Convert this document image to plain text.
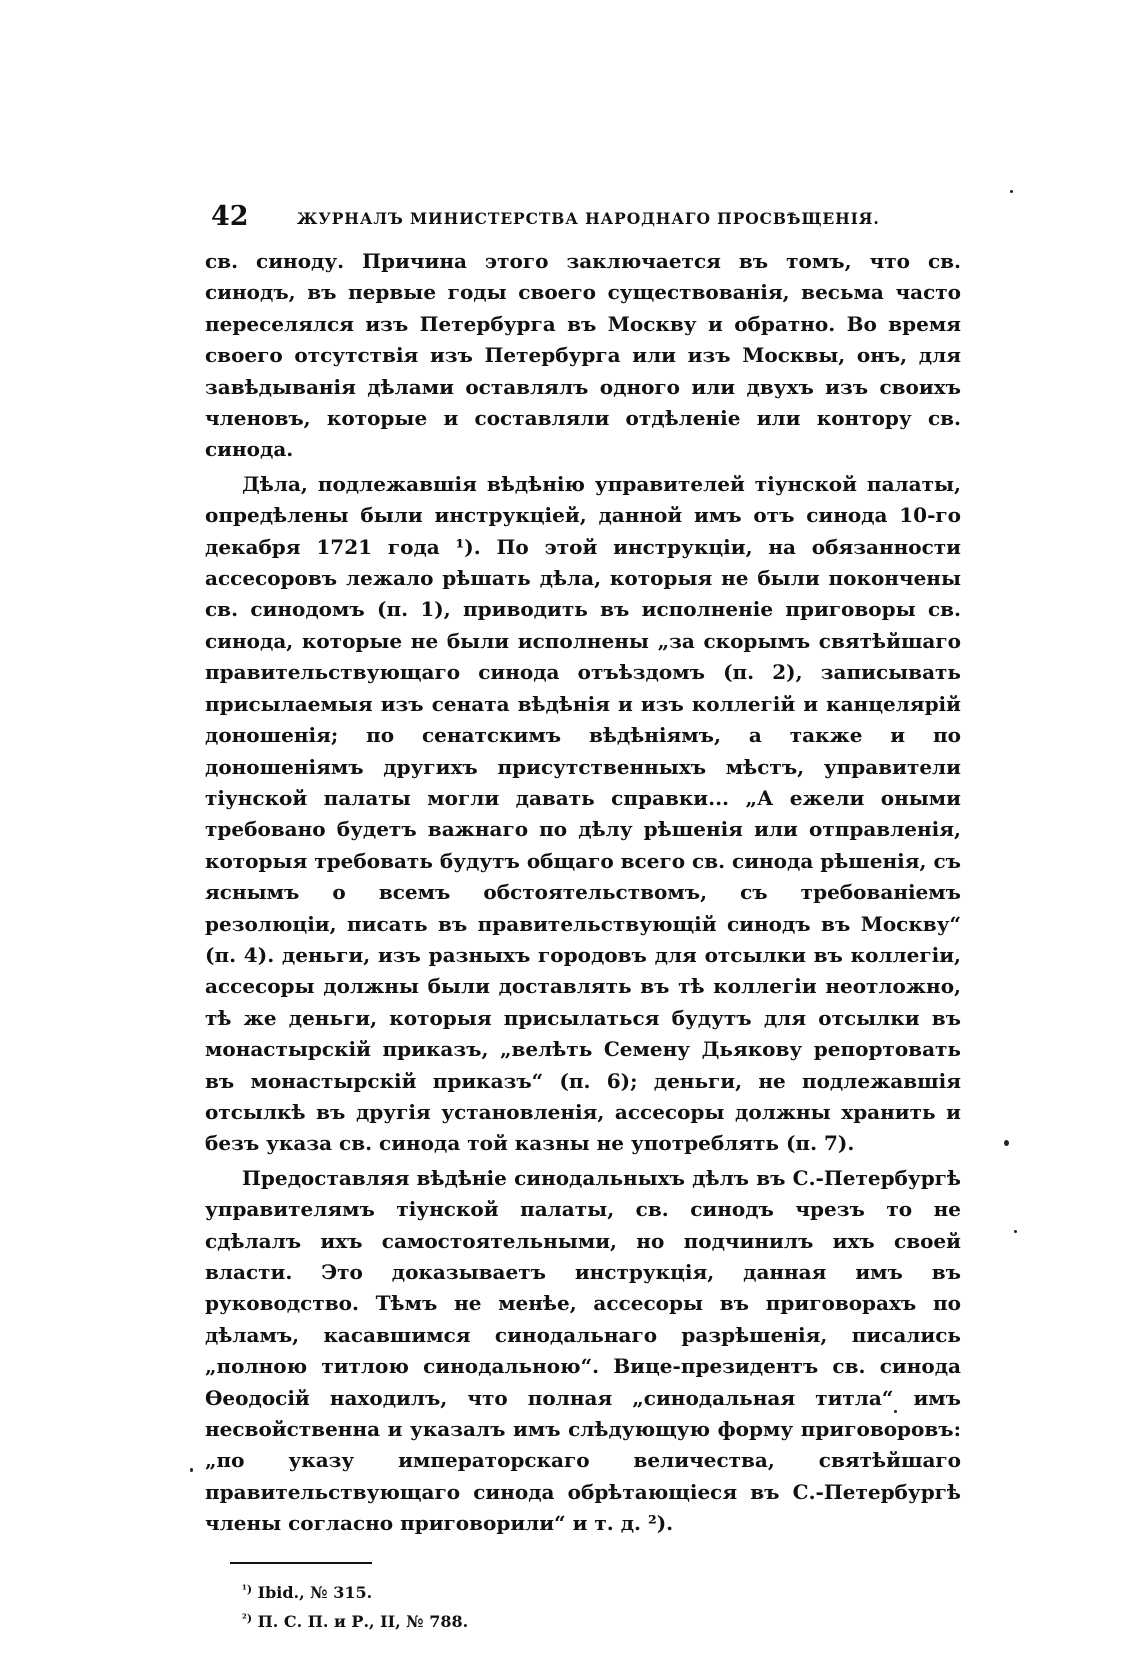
42	ЖУРНАЛЪ МИНИСТЕРСТВА НАРОДНАГО ПРОСВѢЩЕНІЯ.

св. синоду. Причина этого заключается въ томъ, что св. синодъ, въ первые годы своего существованія, весьма часто переселялся изъ Петербурга въ Москву и обратно. Во время своего отсутствія изъ Петербурга или изъ Москвы, онъ, для завѣдыванія дѣлами оставлялъ одного или двухъ изъ своихъ членовъ, которые и составляли отдѣленіе или контору св. синода.

Дѣла, подлежавшія вѣдѣнію управителей тіунской палаты, опредѣлены были инструкціей, данной имъ отъ синода 10-го декабря 1721 года ¹). По этой инструкціи, на обязанности ассесоровъ лежало рѣшать дѣла, которыя не были покончены св. синодомъ (п. 1), приводить въ исполненіе приговоры св. синода, которые не были исполнены „за скорымъ святѣйшаго правительствующаго синода отъѣздомъ (п. 2), записывать присылаемыя изъ сената вѣдѣнія и изъ коллегій и канцелярій доношенія; по сенатскимъ вѣдѣніямъ, а также и по доношеніямъ другихъ присутственныхъ мѣстъ, управители тіунской палаты могли давать справки... „А ежели оными требовано будетъ важнаго по дѣлу рѣшенія или отправленія, которыя требовать будутъ общаго всего св. синода рѣшенія, съ яснымъ о всемъ обстоятельствомъ, съ требованіемъ резолюціи, писать въ правительствующій синодъ въ Москву“ (п. 4). деньги, изъ разныхъ городовъ для отсылки въ коллегіи, ассесоры должны были доставлять въ тѣ коллегіи неотложно, тѣ же деньги, которыя присылаться будутъ для отсылки въ монастырскій приказъ, „велѣть Семену Дьякову репортовать въ монастырскій приказъ“ (п. 6); деньги, не подлежавшія отсылкѣ въ другія установленія, ассесоры должны хранить и безъ указа св. синода той казны не употреблять (п. 7).

Предоставляя вѣдѣніе синодальныхъ дѣлъ въ С.-Петербургѣ управителямъ тіунской палаты, св. синодъ чрезъ то не сдѣлалъ ихъ самостоятельными, но подчинилъ ихъ своей власти. Это доказываетъ инструкція, данная имъ въ руководство. Тѣмъ не менѣе, ассесоры въ приговорахъ по дѣламъ, касавшимся синодальнаго разрѣшенія, писались „полною титлою синодальною“. Вице-президентъ св. синода Ѳеодосій находилъ, что полная „синодальная титла“ имъ несвойственна и указалъ имъ слѣдующую форму приговоровъ: „по указу императорскаго величества, святѣйшаго правительствующаго синода обрѣтающіеся въ С.-Петербургѣ члены согласно приговорили“ и т. д. ²).

$^{^1)}$ Ibid., № 315.
$^{^2)}$ П. С. П. и Р., II, № 788.
